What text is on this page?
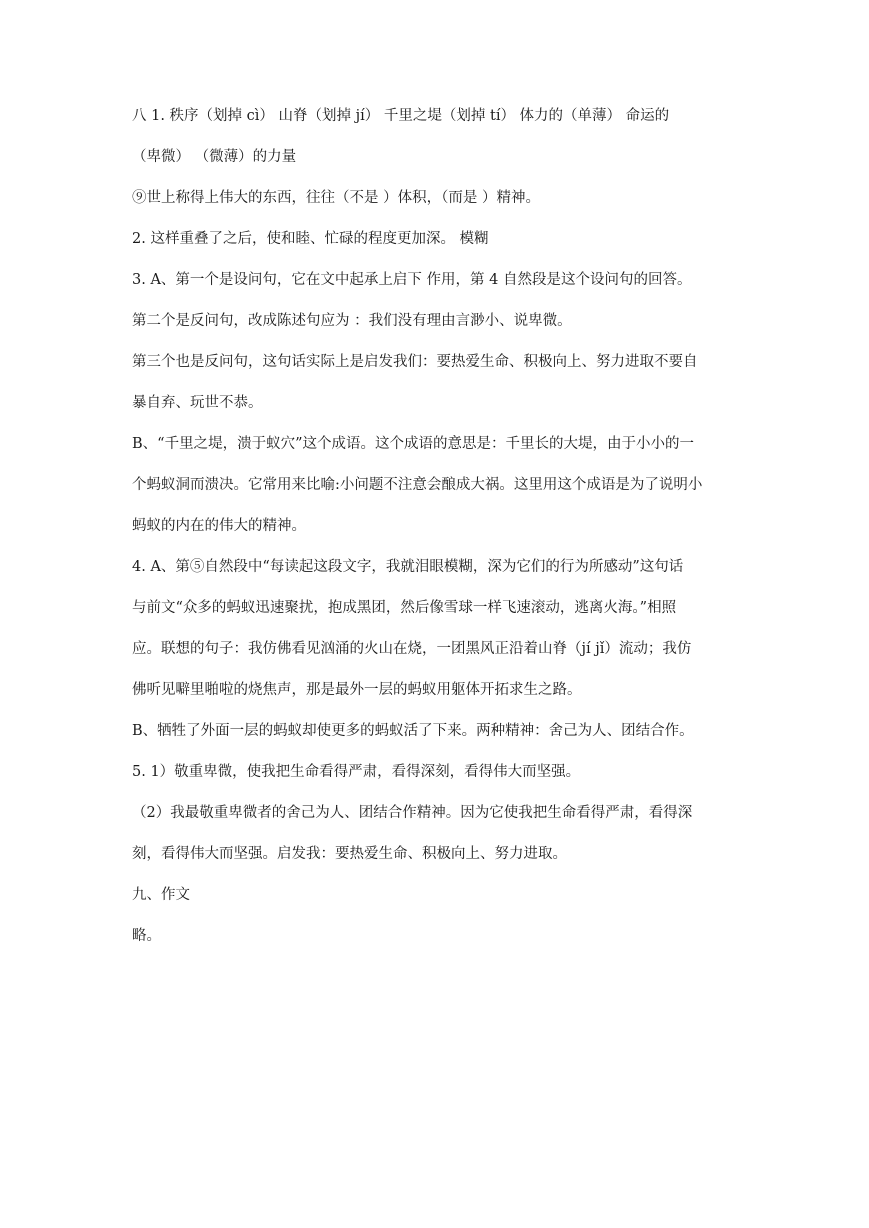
八 1. 秩序（划掉 cì） 山脊（划掉 jí） 千里之堤（划掉 tí） 体力的（单薄） 命运的
（卑微） （微薄）的力量
⑨世上称得上伟大的东西，往往（不是 ）体积，（而是 ）精神。
2. 这样重叠了之后，使和睦、忙碌的程度更加深。 模糊
3. A、第一个是设问句，它在文中起承上启下 作用，第 4 自然段是这个设问句的回答。
第二个是反问句，改成陈述句应为 ：我们没有理由言渺小、说卑微。
第三个也是反问句，这句话实际上是启发我们：要热爱生命、积极向上、努力进取不要自
暴自弃、玩世不恭。
B、“千里之堤，溃于蚁穴”这个成语。这个成语的意思是：千里长的大堤，由于小小的一
个蚂蚁洞而溃决。它常用来比喻:小问题不注意会酿成大祸。这里用这个成语是为了说明小
蚂蚁的内在的伟大的精神。
4. A、第⑤自然段中“每读起这段文字，我就泪眼模糊，深为它们的行为所感动”这句话
与前文“众多的蚂蚁迅速聚扰，抱成黑团，然后像雪球一样飞速滚动，逃离火海。”相照
应。联想的句子：我仿佛看见汹涌的火山在烧，一团黑风正沿着山脊（jí jǐ）流动；我仿
佛听见噼里啪啦的烧焦声，那是最外一层的蚂蚁用躯体开拓求生之路。
B、牺牲了外面一层的蚂蚁却使更多的蚂蚁活了下来。两种精神：舍己为人、团结合作。
5. 1）敬重卑微，使我把生命看得严肃，看得深刻，看得伟大而坚强。
（2）我最敬重卑微者的舍己为人、团结合作精神。因为它使我把生命看得严肃，看得深
刻，看得伟大而坚强。启发我：要热爱生命、积极向上、努力进取。
九、作文
略。
